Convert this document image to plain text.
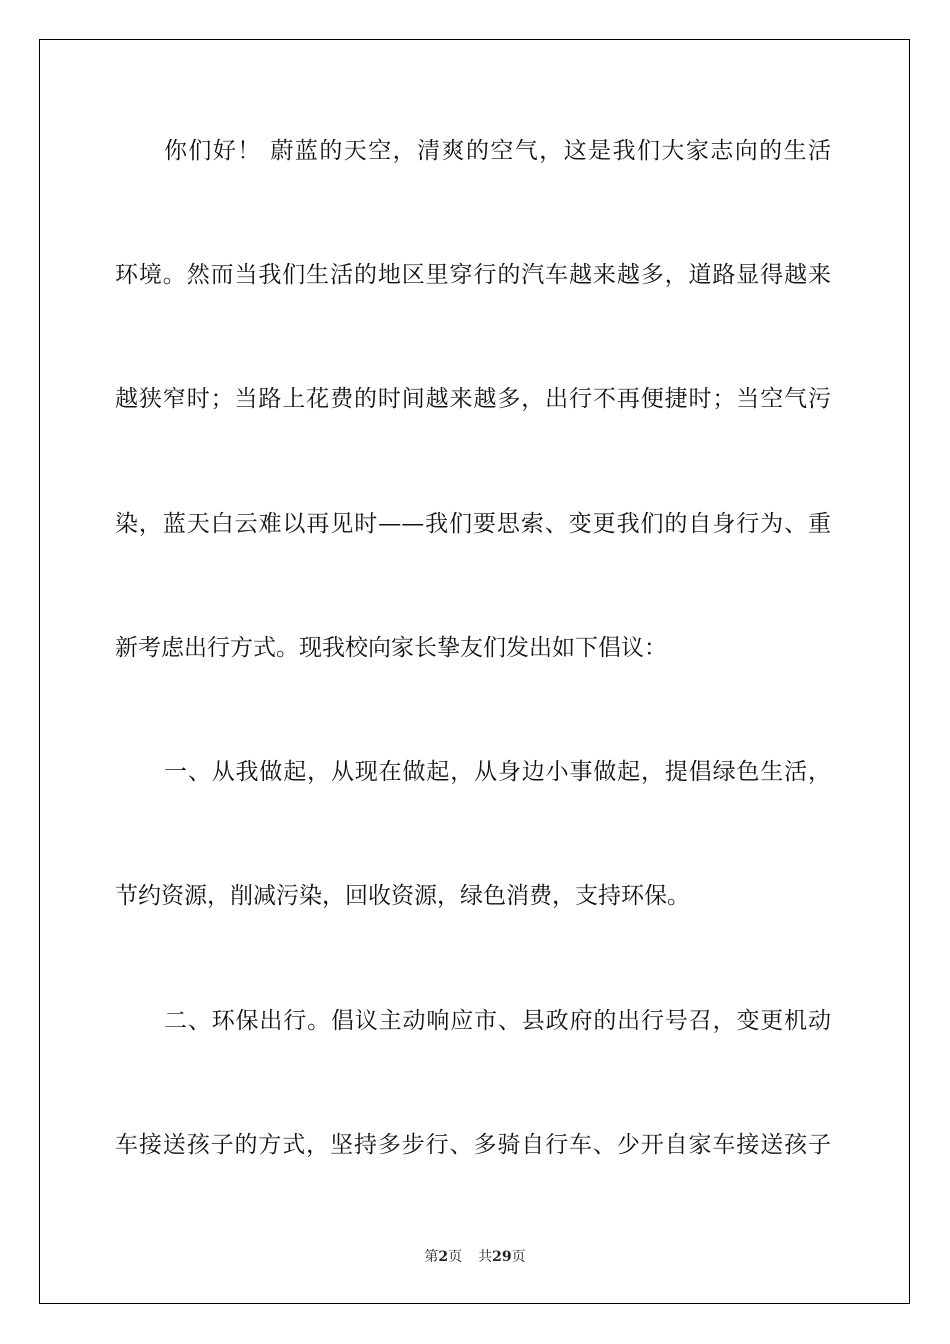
你们好！ 蔚蓝的天空，清爽的空气，这是我们大家志向的生活
环境。然而当我们生活的地区里穿行的汽车越来越多，道路显得越来
越狭窄时；当路上花费的时间越来越多，出行不再便捷时；当空气污
染，蓝天白云难以再见时——我们要思索、变更我们的自身行为、重
新考虑出行方式。现我校向家长挚友们发出如下倡议：
一、从我做起，从现在做起，从身边小事做起，提倡绿色生活，
节约资源，削减污染，回收资源，绿色消费，支持环保。
二、环保出行。倡议主动响应市、县政府的出行号召，变更机动
车接送孩子的方式，坚持多步行、多骑自行车、少开自家车接送孩子
第2页 共29页
